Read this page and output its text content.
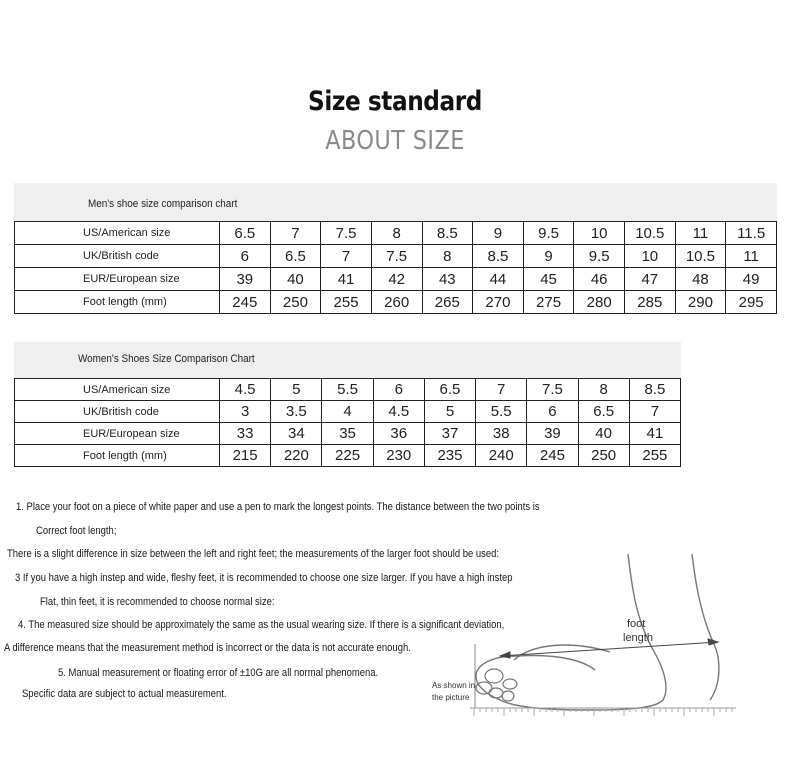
Size standard
ABOUT SIZE
Men's shoe size comparison chart
US/American size	6.5	7	7.5	8	8.5	9	9.5	10	10.5	11	11.5
UK/British code	6	6.5	7	7.5	8	8.5	9	9.5	10	10.5	11
EUR/European size	39	40	41	42	43	44	45	46	47	48	49
Foot length (mm)	245	250	255	260	265	270	275	280	285	290	295
Women's Shoes Size Comparison Chart
US/American size	4.5	5	5.5	6	6.5	7	7.5	8	8.5
UK/British code	3	3.5	4	4.5	5	5.5	6	6.5	7
EUR/European size	33	34	35	36	37	38	39	40	41
Foot length (mm)	215	220	225	230	235	240	245	250	255
1. Place your foot on a piece of white paper and use a pen to mark the longest points. The distance between the two points is
Correct foot length;
There is a slight difference in size between the left and right feet; the measurements of the larger foot should be used:
3 If you have a high instep and wide, fleshy feet, it is recommended to choose one size larger. If you have a high instep
Flat, thin feet, it is recommended to choose normal size:
4. The measured size should be approximately the same as the usual wearing size. If there is a significant deviation,
A difference means that the measurement method is incorrect or the data is not accurate enough.
5. Manual measurement or floating error of ±10G are all normal phenomena.
Specific data are subject to actual measurement.
foot
length
As shown in
the picture
